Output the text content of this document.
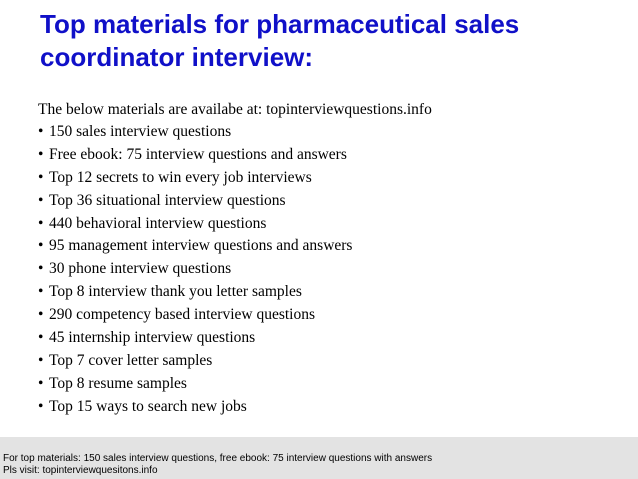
Top materials for pharmaceutical sales coordinator interview:
The below materials are availabe at: topinterviewquestions.info
• 150 sales interview questions
• Free ebook: 75 interview questions and answers
• Top 12 secrets to win every job interviews
• Top 36 situational interview questions
• 440 behavioral interview questions
• 95 management interview questions and answers
• 30 phone interview questions
• Top 8 interview thank you letter samples
• 290 competency based interview questions
• 45 internship interview questions
• Top 7 cover letter samples
• Top 8 resume samples
• Top 15 ways to search new jobs
For top materials: 150 sales interview questions, free ebook: 75 interview questions with answers
Pls visit: topinterviewquesitons.info
